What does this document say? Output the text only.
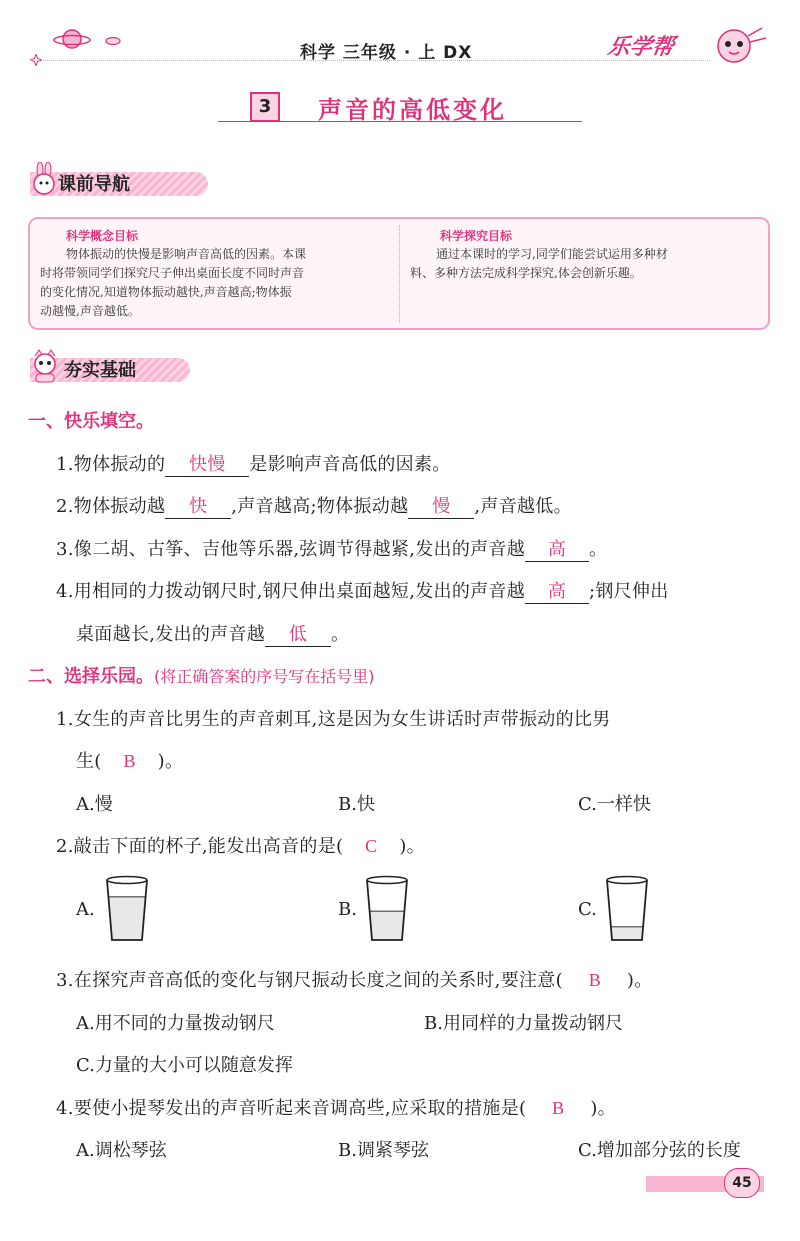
科学 三年级 · 上 DX	乐学帮
3	声音的高低变化
课前导航
科学概念目标
物体振动的快慢是影响声音高低的因素。本课
时将带领同学们探究尺子伸出桌面长度不同时声音
的变化情况,知道物体振动越快,声音越高;物体振
动越慢,声音越低。
科学探究目标
通过本课时的学习,同学们能尝试运用多种材
料、多种方法完成科学探究,体会创新乐趣。
夯实基础
一、快乐填空。
1.物体振动的 快慢 是影响声音高低的因素。
2.物体振动越 快 ,声音越高;物体振动越 慢 ,声音越低。
3.像二胡、古筝、吉他等乐器,弦调节得越紧,发出的声音越 高 。
4.用相同的力拨动钢尺时,钢尺伸出桌面越短,发出的声音越 高 ;钢尺伸出
桌面越长,发出的声音越 低 。
二、选择乐园。(将正确答案的序号写在括号里)
1.女生的声音比男生的声音刺耳,这是因为女生讲话时声带振动的比男
生( B )。
A.慢	B.快	C.一样快
2.敲击下面的杯子,能发出高音的是( C )。
A.	B.	C.
3.在探究声音高低的变化与钢尺振动长度之间的关系时,要注意( B )。
A.用不同的力量拨动钢尺	B.用同样的力量拨动钢尺
C.力量的大小可以随意发挥
4.要使小提琴发出的声音听起来音调高些,应采取的措施是( B )。
A.调松琴弦	B.调紧琴弦	C.增加部分弦的长度
45
